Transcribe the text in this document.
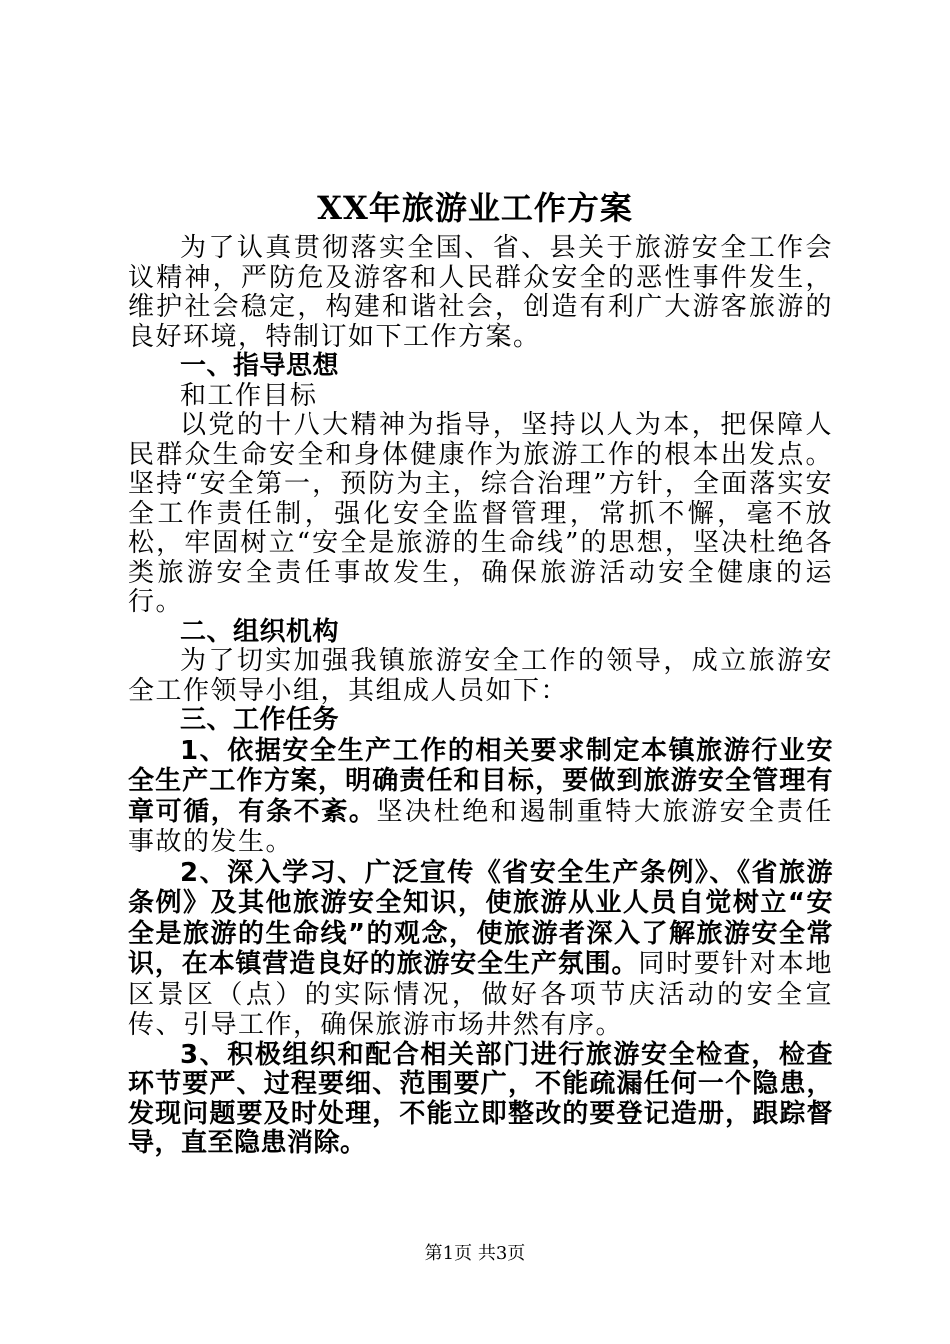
XX年旅游业工作方案

为了认真贯彻落实全国、省、县关于旅游安全工作会议精神，严防危及游客和人民群众安全的恶性事件发生，维护社会稳定，构建和谐社会，创造有利广大游客旅游的良好环境，特制订如下工作方案。

一、指导思想

和工作目标

以党的十八大精神为指导，坚持以人为本，把保障人民群众生命安全和身体健康作为旅游工作的根本出发点。坚持“安全第一，预防为主，综合治理”方针，全面落实安全工作责任制，强化安全监督管理，常抓不懈，毫不放松，牢固树立“安全是旅游的生命线”的思想，坚决杜绝各类旅游安全责任事故发生，确保旅游活动安全健康的运行。

二、组织机构

为了切实加强我镇旅游安全工作的领导，成立旅游安全工作领导小组，其组成人员如下：

三、工作任务

1、依据安全生产工作的相关要求制定本镇旅游行业安全生产工作方案，明确责任和目标，要做到旅游安全管理有章可循，有条不紊。坚决杜绝和遏制重特大旅游安全责任事故的发生。

2、深入学习、广泛宣传《省安全生产条例》、《省旅游条例》及其他旅游安全知识，使旅游从业人员自觉树立“安全是旅游的生命线”的观念，使旅游者深入了解旅游安全常识，在本镇营造良好的旅游安全生产氛围。同时要针对本地区景区（点）的实际情况，做好各项节庆活动的安全宣传、引导工作，确保旅游市场井然有序。

3、积极组织和配合相关部门进行旅游安全检查，检查环节要严、过程要细、范围要广，不能疏漏任何一个隐患，发现问题要及时处理，不能立即整改的要登记造册，跟踪督导，直至隐患消除。

第1页 共3页
